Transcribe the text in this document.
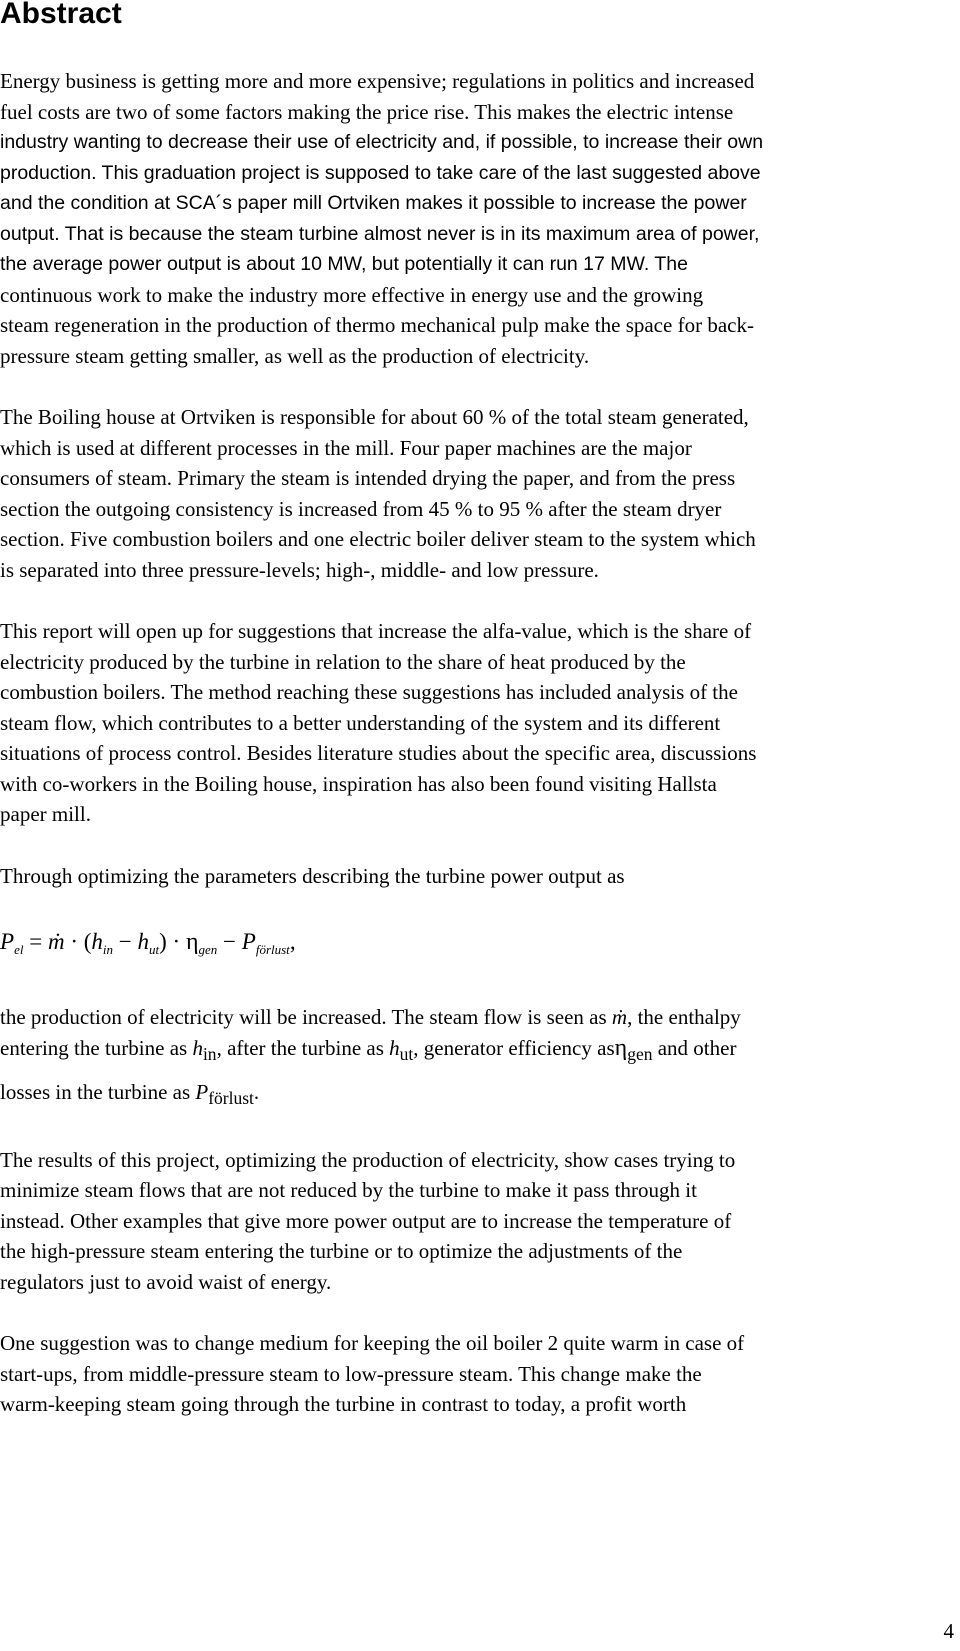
Abstract

Energy business is getting more and more expensive; regulations in politics and increased
fuel costs are two of some factors making the price rise. This makes the electric intense
industry wanting to decrease their use of electricity and, if possible, to increase their own
production. This graduation project is supposed to take care of the last suggested above
and the condition at SCA´s paper mill Ortviken makes it possible to increase the power
output. That is because the steam turbine almost never is in its maximum area of power,
the average power output is about 10 MW, but potentially it can run 17 MW. The
continuous work to make the industry more effective in energy use and the growing
steam regeneration in the production of thermo mechanical pulp make the space for back-
pressure steam getting smaller, as well as the production of electricity.

The Boiling house at Ortviken is responsible for about 60 % of the total steam generated,
which is used at different processes in the mill. Four paper machines are the major
consumers of steam. Primary the steam is intended drying the paper, and from the press
section the outgoing consistency is increased from 45 % to 95 % after the steam dryer
section. Five combustion boilers and one electric boiler deliver steam to the system which
is separated into three pressure-levels; high-, middle- and low pressure.

This report will open up for suggestions that increase the alfa-value, which is the share of
electricity produced by the turbine in relation to the share of heat produced by the
combustion boilers. The method reaching these suggestions has included analysis of the
steam flow, which contributes to a better understanding of the system and its different
situations of process control. Besides literature studies about the specific area, discussions
with co-workers in the Boiling house, inspiration has also been found visiting Hallsta
paper mill.

Through optimizing the parameters describing the turbine power output as

$P_{el}$ = ṁ · $(h_{in} - h_{ut}) \cdot \eta_{gen} - P_{förlust}$,

the production of electricity will be increased. The steam flow is seen as ṁ, the enthalpy
entering the turbine as $h_{in}$, after the turbine as $h_{ut}$, generator efficiency asη$_{gen}$ and other
losses in the turbine as $P_{förlust}$.

The results of this project, optimizing the production of electricity, show cases trying to
minimize steam flows that are not reduced by the turbine to make it pass through it
instead. Other examples that give more power output are to increase the temperature of
the high-pressure steam entering the turbine or to optimize the adjustments of the
regulators just to avoid waist of energy.

One suggestion was to change medium for keeping the oil boiler 2 quite warm in case of
start-ups, from middle-pressure steam to low-pressure steam. This change make the
warm-keeping steam going through the turbine in contrast to today, a profit worth

4
